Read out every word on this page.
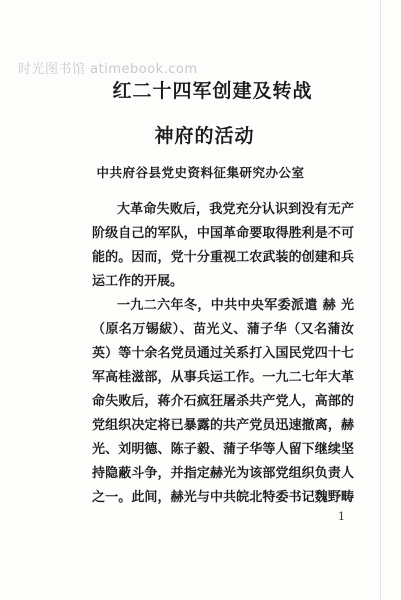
时光图书馆 atimebook.com
红二十四军创建及转战
神府的活动
中共府谷县党史资料征集研究办公室
大革命失败后，我党充分认识到没有无产
阶级自己的军队，中国革命要取得胜利是不可
能的。因而，党十分重视工农武装的创建和兵
运工作的开展。
一九二六年冬，中共中央军委派遣 赫 光
（原名万锡紱）、苗光义、蒲子华（又名蒲汝
英）等十余名党员通过关系打入国民党四十七
军高桂滋部，从事兵运工作。一九二七年大革
命失败后，蒋介石疯狂屠杀共产党人，高部的
党组织决定将已暴露的共产党员迅速撤离，赫
光、刘明德、陈子毅、蒲子华等人留下继续坚
持隐蔽斗争，并指定赫光为该部党组织负责人
之一。此间，赫光与中共皖北特委书记魏野畴
1
